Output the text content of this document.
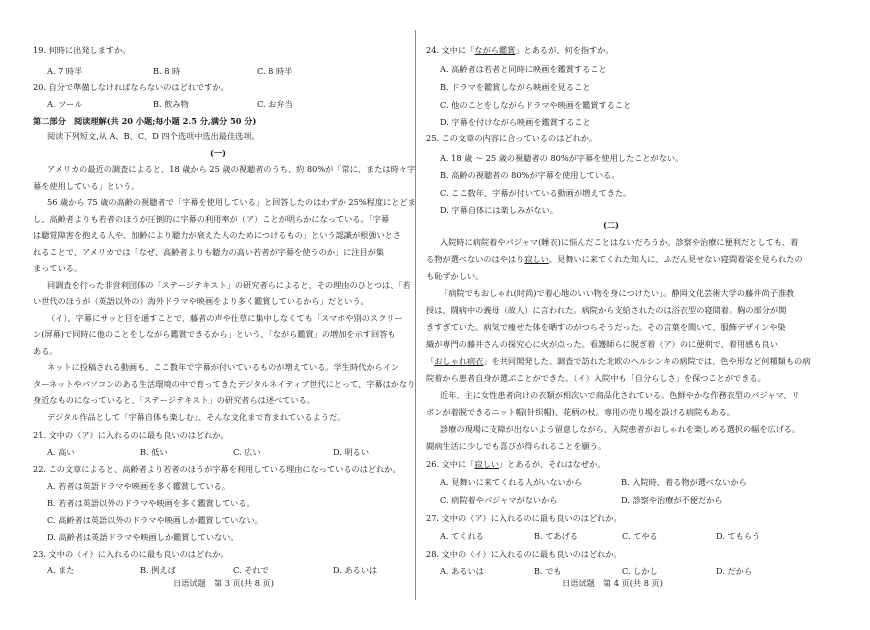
19. 何時に出発しますか。
A. 7 時半	B. 8 時	C. 8 時半
20. 自分で準備しなければならないのはどれですか。
A. ツール	B. 飲み物	C. お弁当
第二部分　阅读理解(共 20 小题;每小题 2.5 分,满分 50 分)
阅读下列短文,从 A、B、C、D 四个选项中选出最佳选项。
(一)
アメリカの最近の調査によると、18 歳から 25 歳の視聴者のうち、約 80%が「常に、または時々字
幕を使用している」という。
56 歳から 75 歳の高齢の視聴者で「字幕を使用している」と回答したのはわずか 25%程度にとどま
し、高齢者よりも若者のほうが圧倒的に字幕の利用率が（ア）ことが明らかになっている。「字幕
は聴覚障害を抱える人や、加齢により聴力が衰えた人のためにつけるもの」という認識が根強いとさ
れることで、アメリカでは「なぜ、高齢者よりも聴力の高い若者が字幕を使うのか」に注目が集
まっている。
同調査を行った非営利団体の「ステージテキスト」の研究者らによると、その理由のひとつは、「若
い世代のほうが（英語以外の）海外ドラマや映画をより多く鑑賞しているから」だという。
（イ）、字幕にサッと目を通すことで、藤者の声や仕草に集中しなくても「スマホや別のスクリー
ン(屏幕)で同時に他のことをしながら鑑賞できるから」という、「ながら鑑賞」の増加を示す回答も
ある。
ネットに投稿される動画も、ここ数年で字幕が付いているものが増えている。学生時代からイン
ターネットやパソコンのある生活環境の中で育ってきたデジタルネイティブ世代にとって、字幕はかなり
身近なものになっていると、「ステージテキスト」の研究者らは述べている。
デジタル作品として「字幕自体も楽しむ」、そんな文化まで育まれているようだ。
21. 文中の（ア）に入れるのに最も良いのはどれか。
A. 高い	B. 低い	C. 広い	D. 明るい
22. この文章によると、高齢者より若者のほうが字幕を利用している理由になっているのはどれか。
A. 若者は英語ドラマや映画を多く鑑賞している。
B. 若者は英語以外のドラマや映画を多く鑑賞している。
C. 高齢者は英語以外のドラマや映画しか鑑賞していない。
D. 高齢者は英語ドラマや映画しか鑑賞していない。
23. 文中の（イ）に入れるのに最も良いのはどれか。
A. また	B. 例えば	C. それで	D. あるいは
日语试题　第 3 页(共 8 页)
24. 文中に「ながら鑑賞」とあるが、何を指すか。
A. 高齢者は若者と同時に映画を鑑賞すること
B. ドラマを鑑賞しながら映画を見ること
C. 他のことをしながらドラマや映画を鑑賞すること
D. 字幕を付けながら映画を鑑賞すること
25. この文章の内容に合っているのはどれか。
A. 18 歳 ～ 25 歳の視聴者の 80%が字幕を使用したことがない。
B. 高齢の視聴者の 80%が字幕を使用している。
C. ここ数年、字幕が付いている動画が増えてきた。
D. 字幕自体には楽しみがない。
(二)
入院時に病院着やパジャマ(睡衣)に悩んだことはないだろうか。診察や治療に便利だとしても、着
る物が選べないのはやはり寂しい。見舞いに来てくれた知人に、ふだん見せない寝間着姿を見られたの
も恥ずかしい。
「病院でもおしゃれ(时尚)で着心地のいい物を身につけたい」。静岡文化芸術大学の藤井尚子准教
授は、闘病中の義母（故人）に言われた。病院から支給されたのは浴衣型の寝間着。胸の部分が開
きすぎていた。病気で痩せた体を晒すのがつらそうだった。その言葉を聞いて、服飾デザインや染
織が専門の藤井さんの探究心に火が点った。看護師らに脱ぎ着（ア）のに便利で、着用感も良い
「おしゃれ病衣」を共同開発した。調査で訪れた北欧のヘルシンキの病院では、色や形など何種類もの病
院着から患者自身が選ぶことができた。（イ）入院中も「自分らしさ」を保つことができる。
近年、主に女性患者向けの衣類が相次いで商品化されている。色鮮やかな作務衣型のパジャマ、リ
ボンが着脱できるニット帽(针织帽)、花柄の杖。専用の売り場を設ける病院もある。
診療の現場に支障が出ないよう留意しながら、入院患者がおしゃれを楽しめる選択の幅を広げる。
闘病生活に少しでも喜びが得られることを願う。
26. 文中に「寂しい」とあるが、それはなぜか。
A. 見舞いに来てくれる人がいないから	B. 入院時、着る物が選べないから
C. 病院着やパジャマがないから	D. 診察や治療が不便だから
27. 文中の（ア）に入れるのに最も良いのはどれか。
A. てくれる	B. てあげる	C. てやる	D. てもらう
28. 文中の（イ）に入れるのに最も良いのはどれか。
A. あるいは	B. でも	C. しかし	D. だから
日语试题　第 4 页(共 8 页)
